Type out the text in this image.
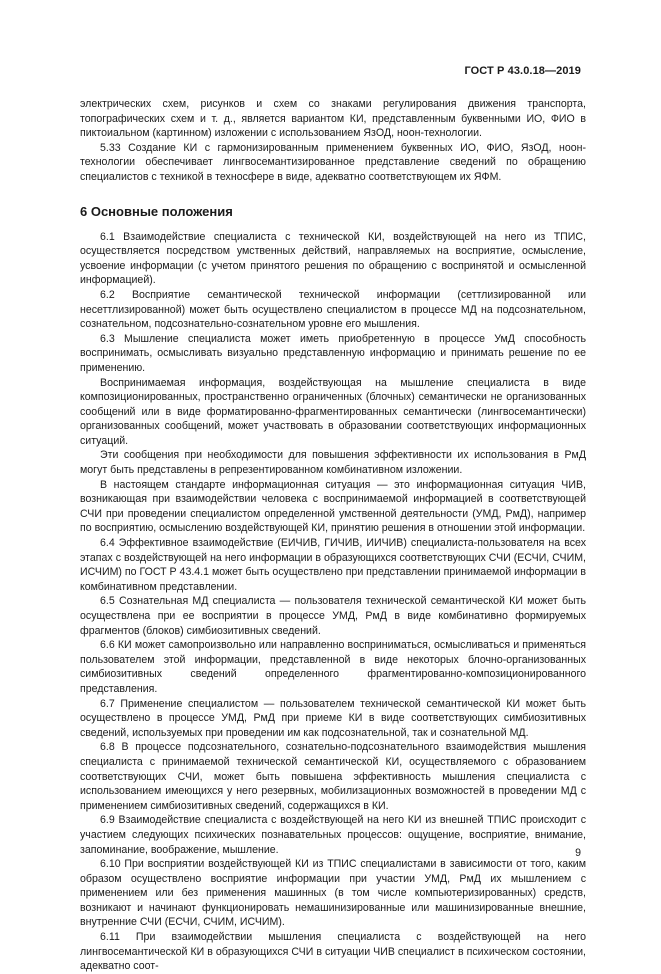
ГОСТ Р 43.0.18—2019

электрических схем, рисунков и схем со знаками регулирования движения транспорта, топографических схем и т. д., является вариантом КИ, представленным буквенными ИО, ФИО в пиктоиальном (картинном) изложении с использованием ЯзОД, ноон-технологии.

5.33 Создание КИ с гармонизированным применением буквенных ИО, ФИО, ЯзОД, ноон-технологии обеспечивает лингвосемантизированное представление сведений по обращению специалистов с техникой в техносфере в виде, адекватно соответствующем их ЯФМ.

6 Основные положения

6.1 Взаимодействие специалиста с технической КИ, воздействующей на него из ТПИС, осуществляется посредством умственных действий, направляемых на восприятие, осмысление, усвоение информации (с учетом принятого решения по обращению с воспринятой и осмысленной информацией).

6.2 Восприятие семантической технической информации (сеттлизированной или несеттлизированной) может быть осуществлено специалистом в процессе МД на подсознательном, сознательном, подсознательно-сознательном уровне его мышления.

6.3 Мышление специалиста может иметь приобретенную в процессе УмД способность воспринимать, осмысливать визуально представленную информацию и принимать решение по ее применению.

Воспринимаемая информация, воздействующая на мышление специалиста в виде композиционированных, пространственно ограниченных (блочных) семантически не организованных сообщений или в виде форматированно-фрагментированных семантически (лингвосемантически) организованных сообщений, может участвовать в образовании соответствующих информационных ситуаций.

Эти сообщения при необходимости для повышения эффективности их использования в РмД могут быть представлены в репрезентированном комбинативном изложении.

В настоящем стандарте информационная ситуация — это информационная ситуация ЧИВ, возникающая при взаимодействии человека с воспринимаемой информацией в соответствующей СЧИ при проведении специалистом определенной умственной деятельности (УМД, РмД), например по восприятию, осмыслению воздействующей КИ, принятию решения в отношении этой информации.

6.4 Эффективное взаимодействие (ЕИЧИВ, ГИЧИВ, ИИЧИВ) специалиста-пользователя на всех этапах с воздействующей на него информации в образующихся соответствующих СЧИ (ЕСЧИ, СЧИМ, ИСЧИМ) по ГОСТ Р 43.4.1 может быть осуществлено при представлении принимаемой информации в комбинативном представлении.

6.5 Сознательная МД специалиста — пользователя технической семантической КИ может быть осуществлена при ее восприятии в процессе УМД, РмД в виде комбинативно формируемых фрагментов (блоков) симбиозитивных сведений.

6.6 КИ может самопроизвольно или направленно восприниматься, осмысливаться и применяться пользователем этой информации, представленной в виде некоторых блочно-организованных симбиозитивных сведений определенного фрагментированно-композиционированного представления.

6.7 Применение специалистом — пользователем технической семантической КИ может быть осуществлено в процессе УМД, РмД при приеме КИ в виде соответствующих симбиозитивных сведений, используемых при проведении им как подсознательной, так и сознательной МД.

6.8 В процессе подсознательного, сознательно-подсознательного взаимодействия мышления специалиста с принимаемой технической семантической КИ, осуществляемого с образованием соответствующих СЧИ, может быть повышена эффективность мышления специалиста с использованием имеющихся у него резервных, мобилизационных возможностей в проведении МД с применением симбиозитивных сведений, содержащихся в КИ.

6.9 Взаимодействие специалиста с воздействующей на него КИ из внешней ТПИС происходит с участием следующих психических познавательных процессов: ощущение, восприятие, внимание, запоминание, воображение, мышление.

6.10 При восприятии воздействующей КИ из ТПИС специалистами в зависимости от того, каким образом осуществлено восприятие информации при участии УМД, РмД их мышлением с применением или без применения машинных (в том числе компьютеризированных) средств, возникают и начинают функционировать немашинизированные или машинизированные внешние, внутренние СЧИ (ЕСЧИ, СЧИМ, ИСЧИМ).

6.11 При взаимодействии мышления специалиста с воздействующей на него лингвосемантической КИ в образующихся СЧИ в ситуации ЧИВ специалист в психическом состоянии, адекватно соот-

9
